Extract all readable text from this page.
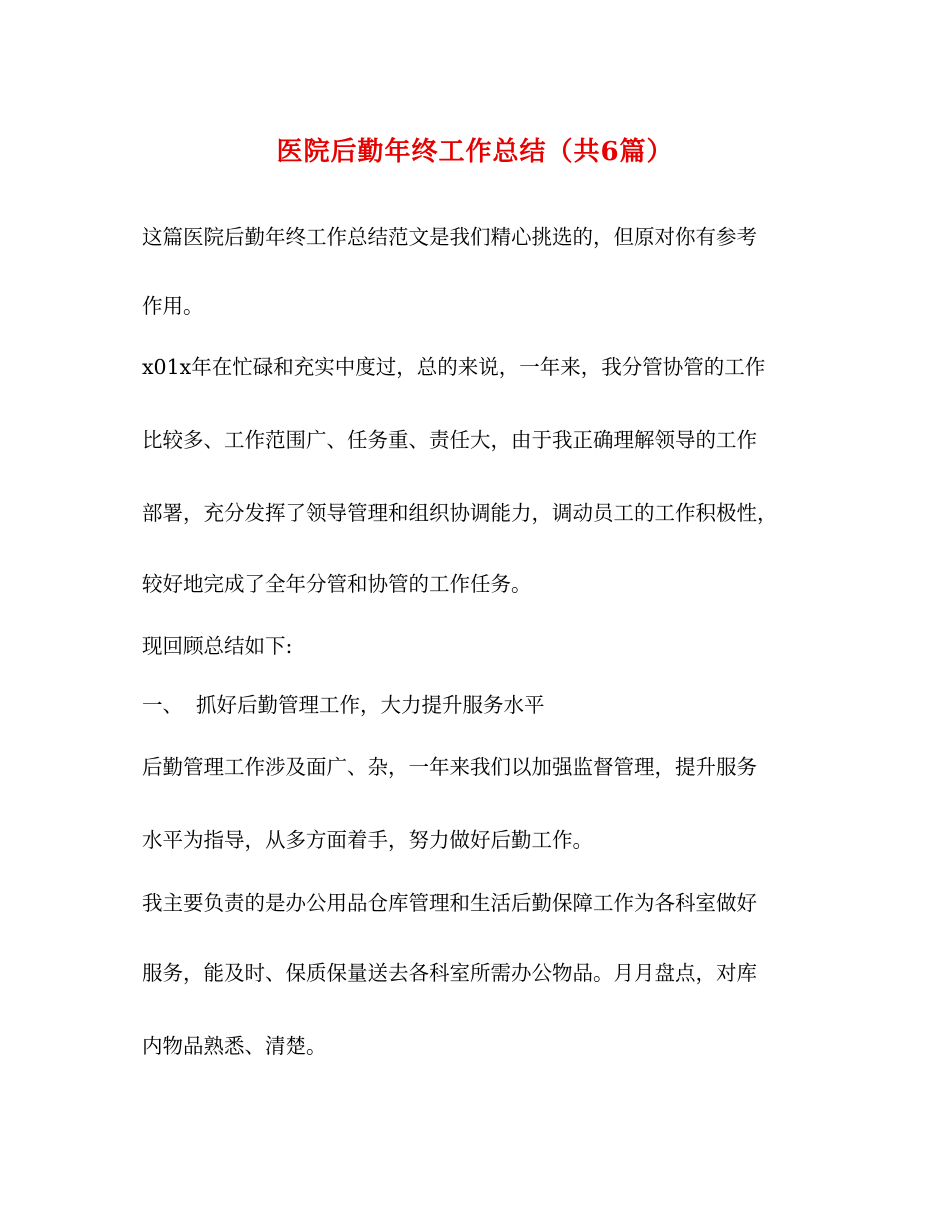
医院后勤年终工作总结（共6篇）
这篇医院后勤年终工作总结范文是我们精心挑选的，但原对你有参考
作用。
x01x年在忙碌和充实中度过，总的来说，一年来，我分管协管的工作
比较多、工作范围广、任务重、责任大，由于我正确理解领导的工作
部署，充分发挥了领导管理和组织协调能力，调动员工的工作积极性，
较好地完成了全年分管和协管的工作任务。
现回顾总结如下:
一、 抓好后勤管理工作，大力提升服务水平
后勤管理工作涉及面广、杂，一年来我们以加强监督管理，提升服务
水平为指导，从多方面着手，努力做好后勤工作。
我主要负责的是办公用品仓库管理和生活后勤保障工作为各科室做好
服务，能及时、保质保量送去各科室所需办公物品。月月盘点，对库
内物品熟悉、清楚。
